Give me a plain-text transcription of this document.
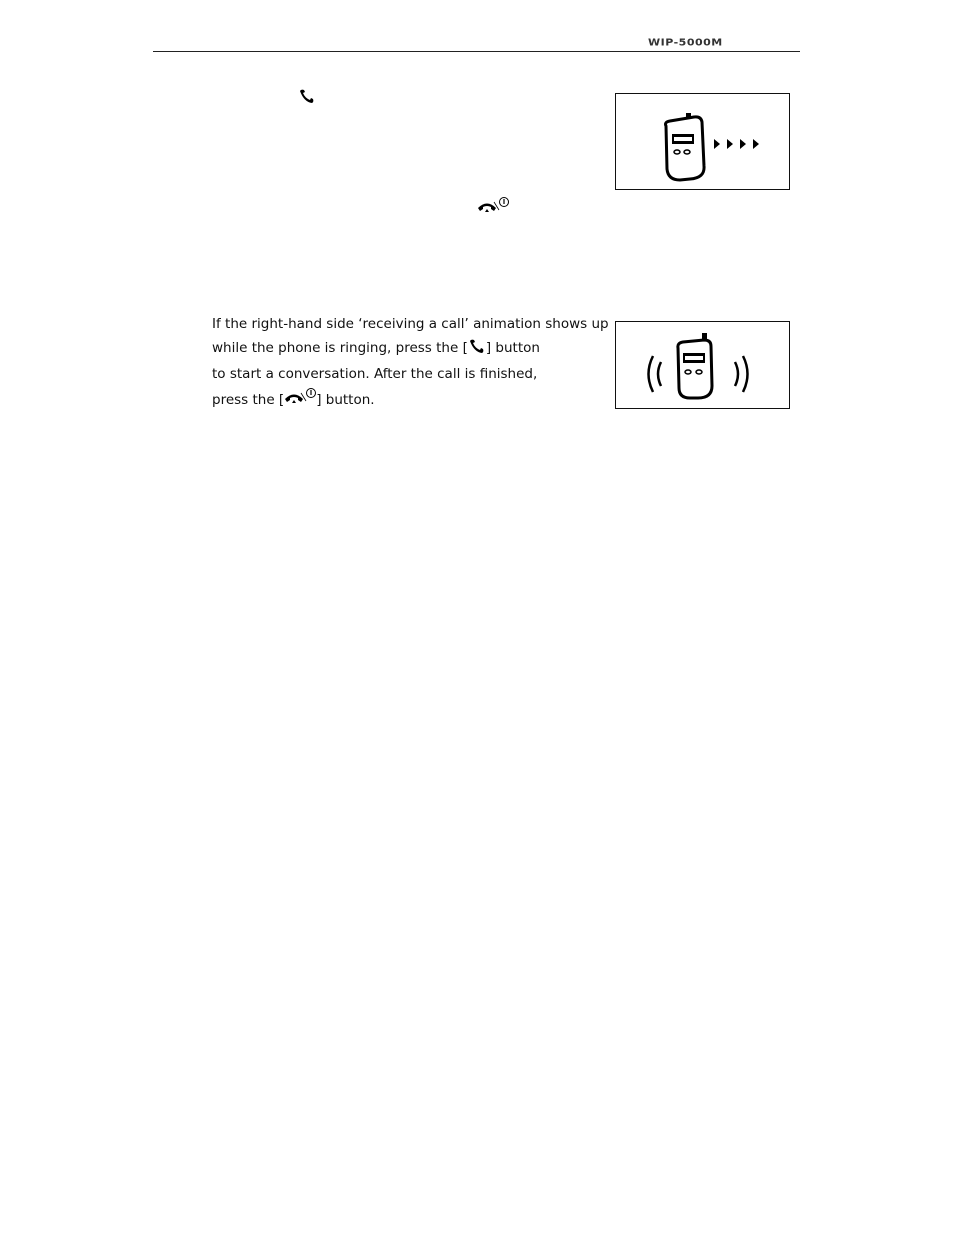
WIP-5000M
If the right-hand side ‘receiving a call’ animation shows up
while the phone is ringing, press the [ ] button
to start a conversation. After the call is finished,
press the [ ] button.
